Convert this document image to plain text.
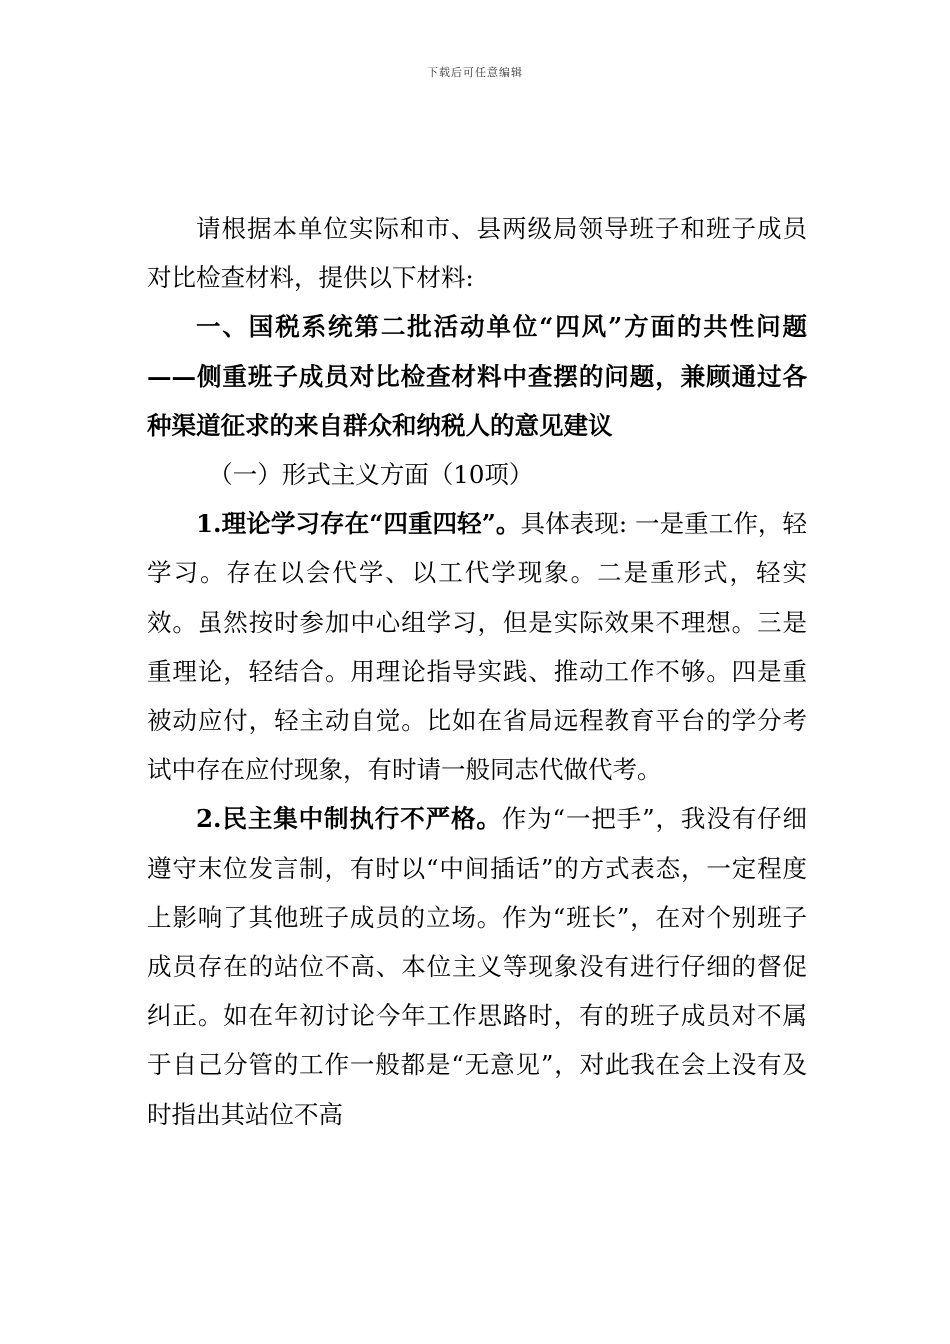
下载后可任意编辑

请根据本单位实际和市、县两级局领导班子和班子成员对比检查材料，提供以下材料:

一、国税系统第二批活动单位“四风”方面的共性问题——侧重班子成员对比检查材料中查摆的问题，兼顾通过各种渠道征求的来自群众和纳税人的意见建议

（一）形式主义方面（10项）

1.理论学习存在“四重四轻”。具体表现: 一是重工作，轻学习。存在以会代学、以工代学现象。二是重形式，轻实效。虽然按时参加中心组学习，但是实际效果不理想。三是重理论，轻结合。用理论指导实践、推动工作不够。四是重被动应付，轻主动自觉。比如在省局远程教育平台的学分考试中存在应付现象，有时请一般同志代做代考。

2.民主集中制执行不严格。作为“一把手”，我没有仔细遵守末位发言制，有时以“中间插话”的方式表态，一定程度上影响了其他班子成员的立场。作为“班长”，在对个别班子成员存在的站位不高、本位主义等现象没有进行仔细的督促纠正。如在年初讨论今年工作思路时，有的班子成员对不属于自己分管的工作一般都是“无意见”，对此我在会上没有及时指出其站位不高
